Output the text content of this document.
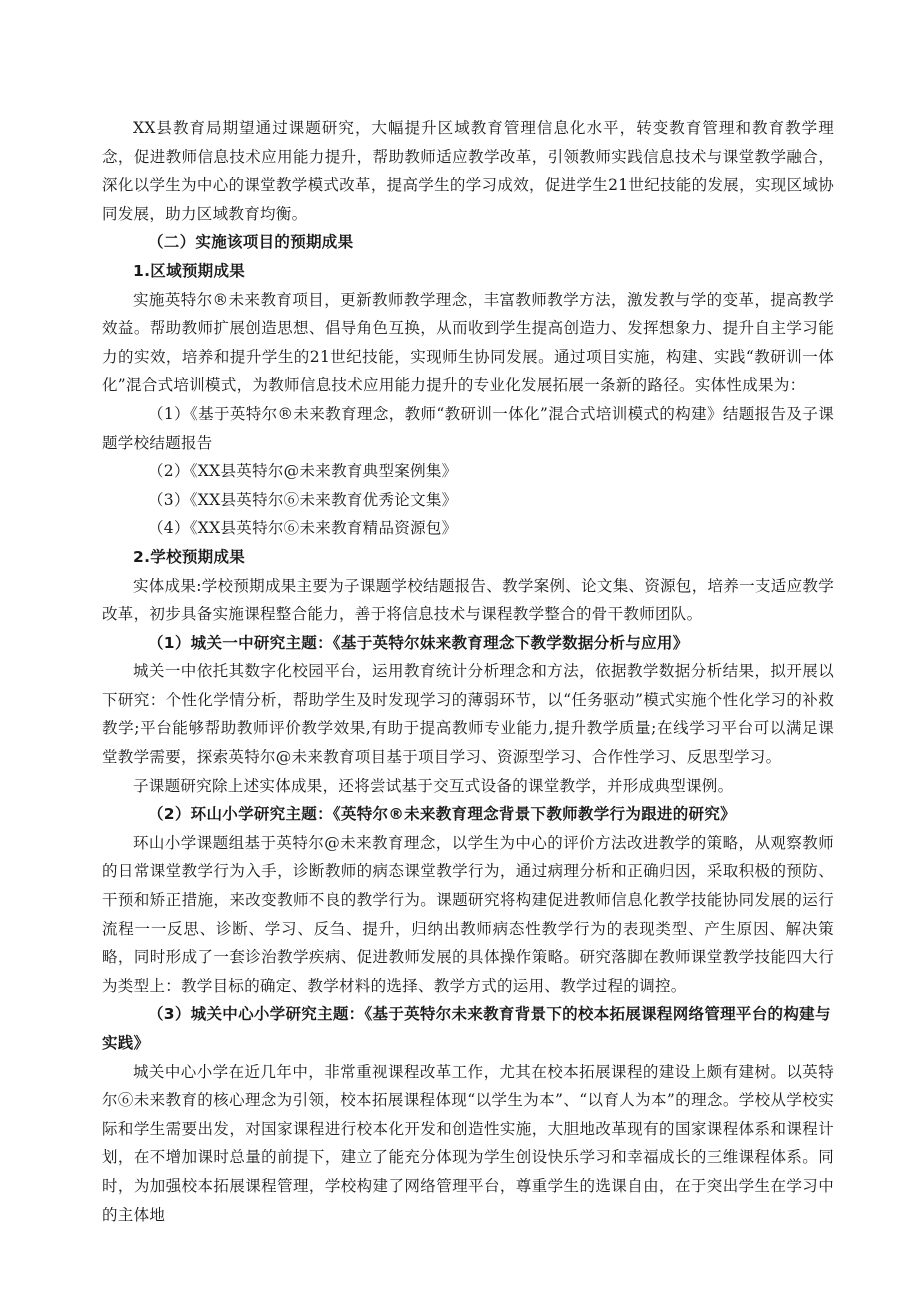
XX县教育局期望通过课题研究，大幅提升区域教育管理信息化水平，转变教育管理和教育教学理念，促进教师信息技术应用能力提升，帮助教师适应教学改革，引领教师实践信息技术与课堂教学融合，深化以学生为中心的课堂教学模式改革，提高学生的学习成效，促进学生21世纪技能的发展，实现区域协同发展，助力区域教育均衡。

（二）实施该项目的预期成果

1.区域预期成果

实施英特尔®未来教育项目，更新教师教学理念，丰富教师教学方法，激发教与学的变革，提高教学效益。帮助教师扩展创造思想、倡导角色互换，从而收到学生提高创造力、发挥想象力、提升自主学习能力的实效，培养和提升学生的21世纪技能，实现师生协同发展。通过项目实施，构建、实践“教研训一体化”混合式培训模式，为教师信息技术应用能力提升的专业化发展拓展一条新的路径。实体性成果为：

（1）《基于英特尔®未来教育理念，教师“教研训一体化”混合式培训模式的构建》结题报告及子课题学校结题报告

（2）《XX县英特尔@未来教育典型案例集》

（3）《XX县英特尔⑥未来教育优秀论文集》

（4）《XX县英特尔⑥未来教育精品资源包》

2.学校预期成果

实体成果:学校预期成果主要为子课题学校结题报告、教学案例、论文集、资源包，培养一支适应教学改革，初步具备实施课程整合能力，善于将信息技术与课程教学整合的骨干教师团队。

（1）城关一中研究主题：《基于英特尔妹来教育理念下教学数据分析与应用》

城关一中依托其数字化校园平台，运用教育统计分析理念和方法，依据教学数据分析结果，拟开展以下研究：个性化学情分析，帮助学生及时发现学习的薄弱环节，以“任务驱动”模式实施个性化学习的补救教学;平台能够帮助教师评价教学效果,有助于提高教师专业能力,提升教学质量;在线学习平台可以满足课堂教学需要，探索英特尔@未来教育项目基于项目学习、资源型学习、合作性学习、反思型学习。

子课题研究除上述实体成果，还将尝试基于交互式设备的课堂教学，并形成典型课例。

（2）环山小学研究主题：《英特尔®未来教育理念背景下教师教学行为跟进的研究》

环山小学课题组基于英特尔@未来教育理念，以学生为中心的评价方法改进教学的策略，从观察教师的日常课堂教学行为入手，诊断教师的病态课堂教学行为，通过病理分析和正确归因，采取积极的预防、干预和矫正措施，来改变教师不良的教学行为。课题研究将构建促进教师信息化教学技能协同发展的运行流程一一反思、诊断、学习、反刍、提升，归纳出教师病态性教学行为的表现类型、产生原因、解决策略，同时形成了一套诊治教学疾病、促进教师发展的具体操作策略。研究落脚在教师课堂教学技能四大行为类型上：教学目标的确定、教学材料的选择、教学方式的运用、教学过程的调控。

（3）城关中心小学研究主题：《基于英特尔未来教育背景下的校本拓展课程网络管理平台的构建与实践》

城关中心小学在近几年中，非常重视课程改革工作，尤其在校本拓展课程的建设上颇有建树。以英特尔⑥未来教育的核心理念为引领，校本拓展课程体现“以学生为本”、“以育人为本”的理念。学校从学校实际和学生需要出发，对国家课程进行校本化开发和创造性实施，大胆地改革现有的国家课程体系和课程计划，在不增加课时总量的前提下，建立了能充分体现为学生创设快乐学习和幸福成长的三维课程体系。同时，为加强校本拓展课程管理，学校构建了网络管理平台，尊重学生的选课自由，在于突出学生在学习中的主体地
